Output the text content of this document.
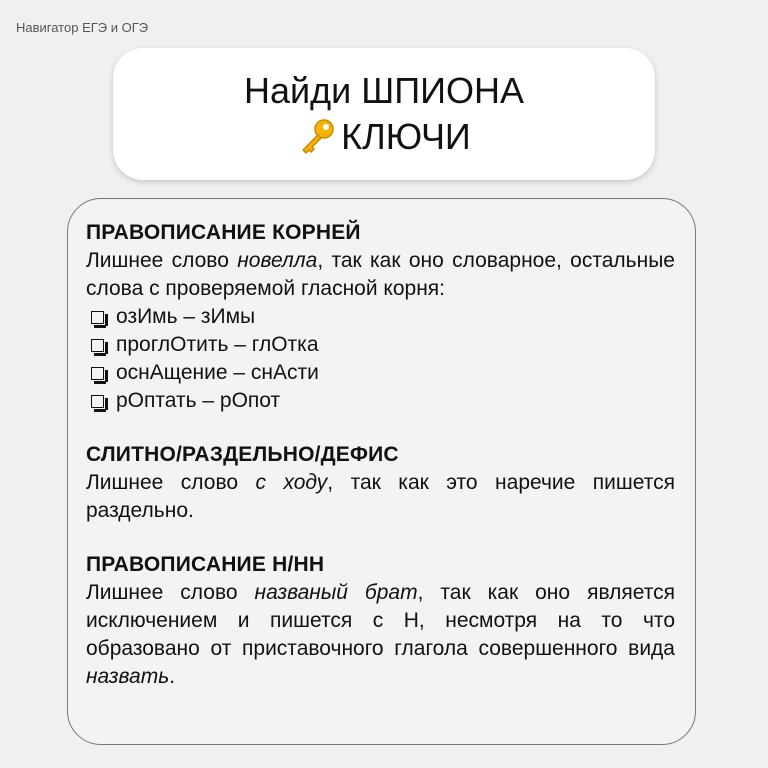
Навигатор ЕГЭ и ОГЭ
Найди ШПИОНА
КЛЮЧИ
ПРАВОПИСАНИЕ КОРНЕЙ

Лишнее слово новелла, так как оно словарное, остальные слова с проверяемой гласной корня:

озИмь – зИмы
проглОтить – глОтка
оснАщение – снАсти
рОптать – рОпот
СЛИТНО/РАЗДЕЛЬНО/ДЕФИС

Лишнее слово с ходу, так как это наречие пишется раздельно.

ПРАВОПИСАНИЕ Н/НН

Лишнее слово названый брат, так как оно является исключением и пишется с Н, несмотря на то что образовано от приставочного глагола совершенного вида назвать.
